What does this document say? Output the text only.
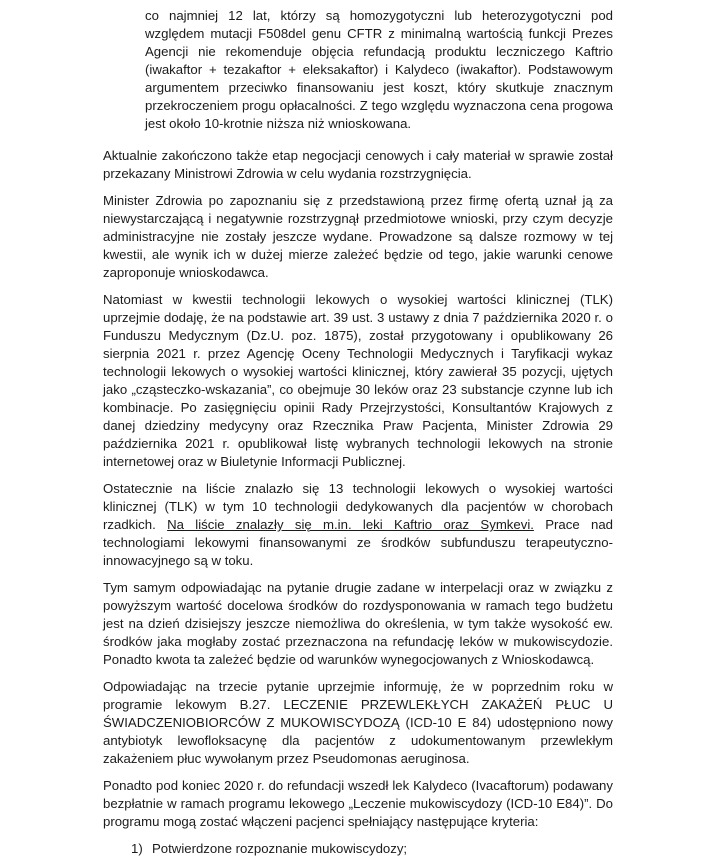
co najmniej 12 lat, którzy są homozygotyczni lub heterozygotyczni pod względem mutacji F508del genu CFTR z minimalną wartością funkcji Prezes Agencji nie rekomenduje objęcia refundacją produktu leczniczego Kaftrio (iwakaftor + tezakaftor + eleksakaftor) i Kalydeco (iwakaftor). Podstawowym argumentem przeciwko finansowaniu jest koszt, który skutkuje znacznym przekroczeniem progu opłacalności. Z tego względu wyznaczona cena progowa jest około 10-krotnie niższa niż wnioskowana.

Aktualnie zakończono także etap negocjacji cenowych i cały materiał w sprawie został przekazany Ministrowi Zdrowia w celu wydania rozstrzygnięcia.

Minister Zdrowia po zapoznaniu się z przedstawioną przez firmę ofertą uznał ją za niewystarczającą i negatywnie rozstrzygnął przedmiotowe wnioski, przy czym decyzje administracyjne nie zostały jeszcze wydane. Prowadzone są dalsze rozmowy w tej kwestii, ale wynik ich w dużej mierze zależeć będzie od tego, jakie warunki cenowe zaproponuje wnioskodawca.

Natomiast w kwestii technologii lekowych o wysokiej wartości klinicznej (TLK) uprzejmie dodaję, że na podstawie art. 39 ust. 3 ustawy z dnia 7 października 2020 r. o Funduszu Medycznym (Dz.U. poz. 1875), został przygotowany i opublikowany 26 sierpnia 2021 r. przez Agencję Oceny Technologii Medycznych i Taryfikacji wykaz technologii lekowych o wysokiej wartości klinicznej, który zawierał 35 pozycji, ujętych jako „cząsteczko-wskazania”, co obejmuje 30 leków oraz 23 substancje czynne lub ich kombinacje. Po zasięgnięciu opinii Rady Przejrzystości, Konsultantów Krajowych z danej dziedziny medycyny oraz Rzecznika Praw Pacjenta, Minister Zdrowia 29 października 2021 r. opublikował listę wybranych technologii lekowych na stronie internetowej oraz w Biuletynie Informacji Publicznej.

Ostatecznie na liście znalazło się 13 technologii lekowych o wysokiej wartości klinicznej (TLK) w tym 10 technologii dedykowanych dla pacjentów w chorobach rzadkich. Na liście znalazły się m.in. leki Kaftrio oraz Symkevi. Prace nad technologiami lekowymi finansowanymi ze środków subfunduszu terapeutyczno-innowacyjnego są w toku.

Tym samym odpowiadając na pytanie drugie zadane w interpelacji oraz w związku z powyższym wartość docelowa środków do rozdysponowania w ramach tego budżetu jest na dzień dzisiejszy jeszcze niemożliwa do określenia, w tym także wysokość ew. środków jaka mogłaby zostać przeznaczona na refundację leków w mukowiscydozie. Ponadto kwota ta zależeć będzie od warunków wynegocjowanych z Wnioskodawcą.

Odpowiadając na trzecie pytanie uprzejmie informuję, że w poprzednim roku w programie lekowym B.27. LECZENIE PRZEWLEKŁYCH ZAKAŻEŃ PŁUC U ŚWIADCZENIOBIORCÓW Z MUKOWISCYDOZĄ (ICD-10 E 84) udostępniono nowy antybiotyk lewofloksacynę dla pacjentów z udokumentowanym przewlekłym zakażeniem płuc wywołanym przez Pseudomonas aeruginosa.

Ponadto pod koniec 2020 r. do refundacji wszedł lek Kalydeco (Ivacaftorum) podawany bezpłatnie w ramach programu lekowego „Leczenie mukowiscydozy (ICD-10 E84)”. Do programu mogą zostać włączeni pacjenci spełniający następujące kryteria:

1) Potwierdzone rozpoznanie mukowiscydozy;
